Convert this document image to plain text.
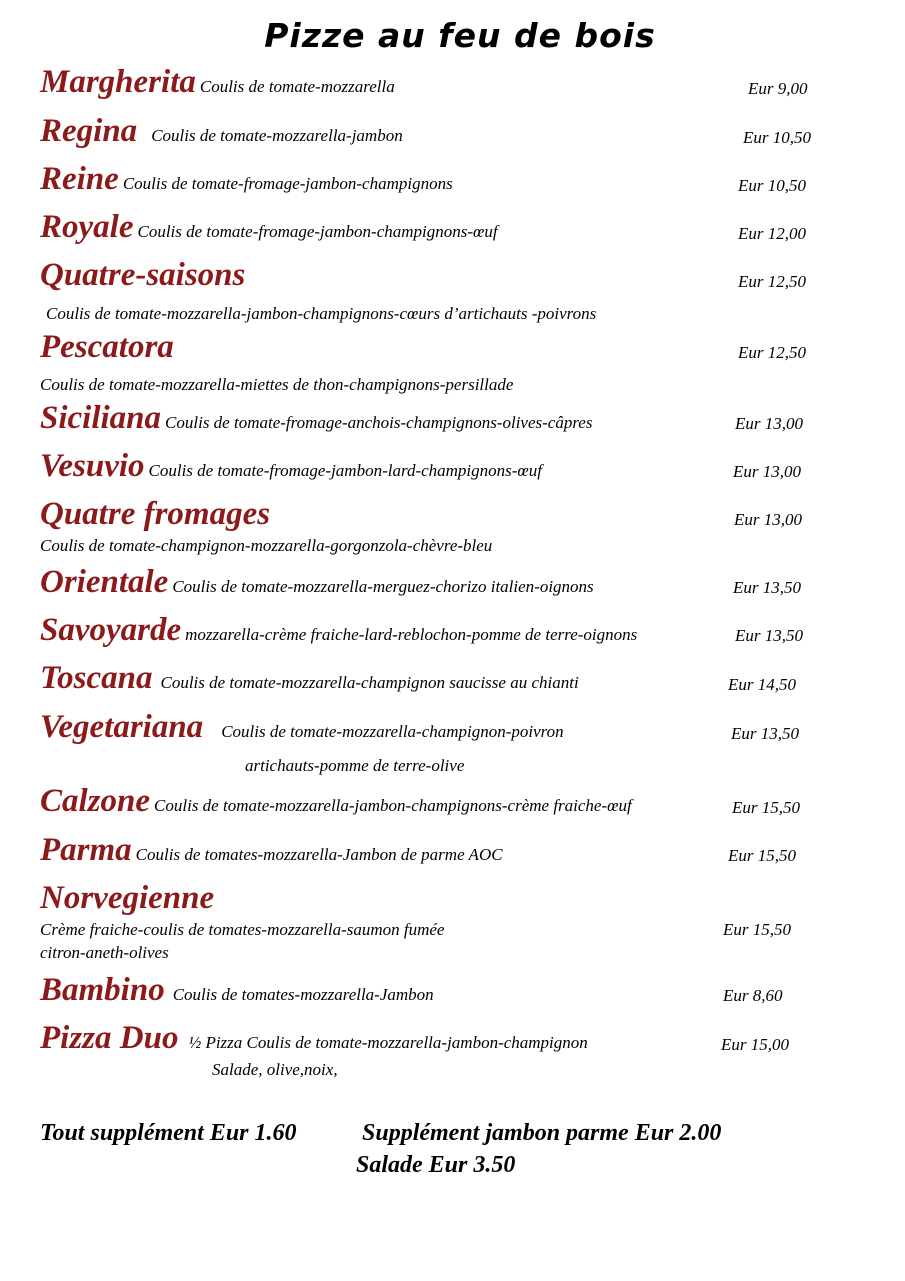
Pizze au feu de bois
Margherita Coulis de tomate-mozzarella	Eur 9,00
Regina Coulis de tomate-mozzarella-jambon	Eur 10,50
Reine Coulis de tomate-fromage-jambon-champignons	Eur 10,50
Royale Coulis de tomate-fromage-jambon-champignons-œuf	Eur 12,00
Quatre-saisons	Eur 12,50
Coulis de tomate-mozzarella-jambon-champignons-cœurs d’artichauts -poivrons
Pescatora	Eur 12,50
Coulis de tomate-mozzarella-miettes de thon-champignons-persillade
Siciliana Coulis de tomate-fromage-anchois-champignons-olives-câpres	Eur 13,00
Vesuvio Coulis de tomate-fromage-jambon-lard-champignons-œuf	Eur 13,00
Quatre fromages	Eur 13,00
Coulis de tomate-champignon-mozzarella-gorgonzola-chèvre-bleu
Orientale Coulis de tomate-mozzarella-merguez-chorizo italien-oignons	Eur 13,50
Savoyarde mozzarella-crème fraiche-lard-reblochon-pomme de terre-oignons	Eur 13,50
Toscana Coulis de tomate-mozzarella-champignon saucisse au chianti	Eur 14,50
Vegetariana Coulis de tomate-mozzarella-champignon-poivron	Eur 13,50
artichauts-pomme de terre-olive
Calzone Coulis de tomate-mozzarella-jambon-champignons-crème fraiche-œuf	Eur 15,50
Parma Coulis de tomates-mozzarella-Jambon de parme AOC	Eur 15,50
Norvegienne
Crème fraiche-coulis de tomates-mozzarella-saumon fumée	Eur 15,50
citron-aneth-olives
Bambino Coulis de tomates-mozzarella-Jambon	Eur 8,60
Pizza Duo ½ Pizza Coulis de tomate-mozzarella-jambon-champignon	Eur 15,00
Salade, olive,noix,
Tout supplément Eur 1.60	Supplément jambon parme Eur 2.00
Salade Eur 3.50
